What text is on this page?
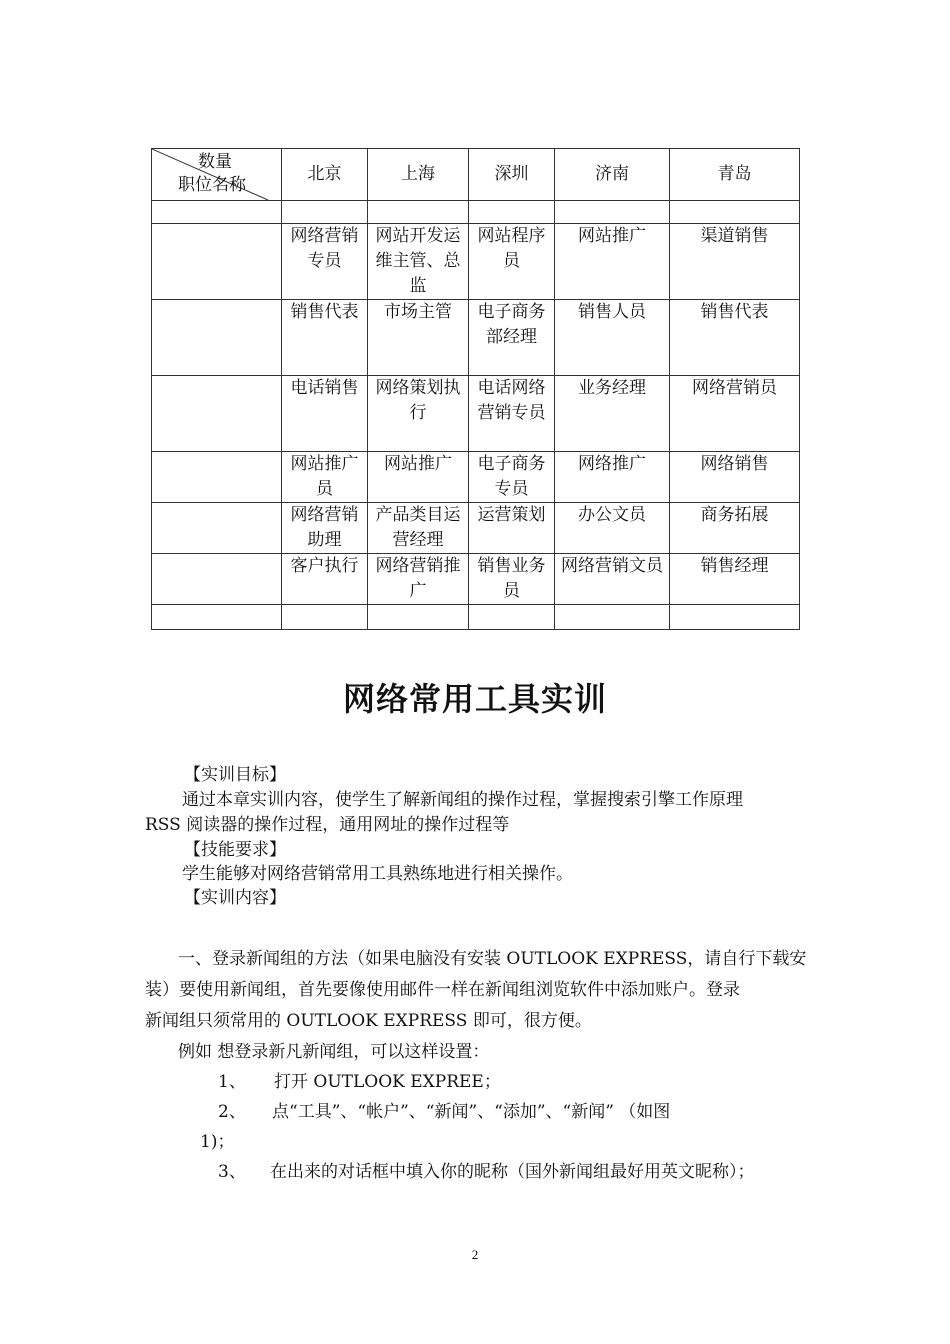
数量
职位名称	北京	上海	深圳	济南	青岛

	网络营销专员	网站开发运维主管、总监	网站程序员	网站推广	渠道销售
	销售代表	市场主管	电子商务部经理	销售人员	销售代表
	电话销售	网络策划执行	电话网络营销专员	业务经理	网络营销员
	网站推广员	网站推广	电子商务专员	网络推广	网络销售
	网络营销助理	产品类目运营经理	运营策划	办公文员	商务拓展
	客户执行	网络营销推广	销售业务员	网络营销文员	销售经理

网络常用工具实训
【实训目标】
通过本章实训内容，使学生了解新闻组的操作过程，掌握搜索引擎工作原理
RSS 阅读器的操作过程，通用网址的操作过程等
【技能要求】
学生能够对网络营销常用工具熟练地进行相关操作。
【实训内容】
一、登录新闻组的方法（如果电脑没有安装 OUTLOOK EXPRESS，请自行下载安
装）要使用新闻组，首先要像使用邮件一样在新闻组浏览软件中添加账户。登录
新闻组只须常用的 OUTLOOK EXPRESS 即可，很方便。
例如 想登录新凡新闻组，可以这样设置：
1、 打开 OUTLOOK EXPREE；
2、 点“工具”、“帐户”、“新闻”、“添加”、“新闻” （如图
1)；
3、 在出来的对话框中填入你的昵称（国外新闻组最好用英文昵称）；
2
